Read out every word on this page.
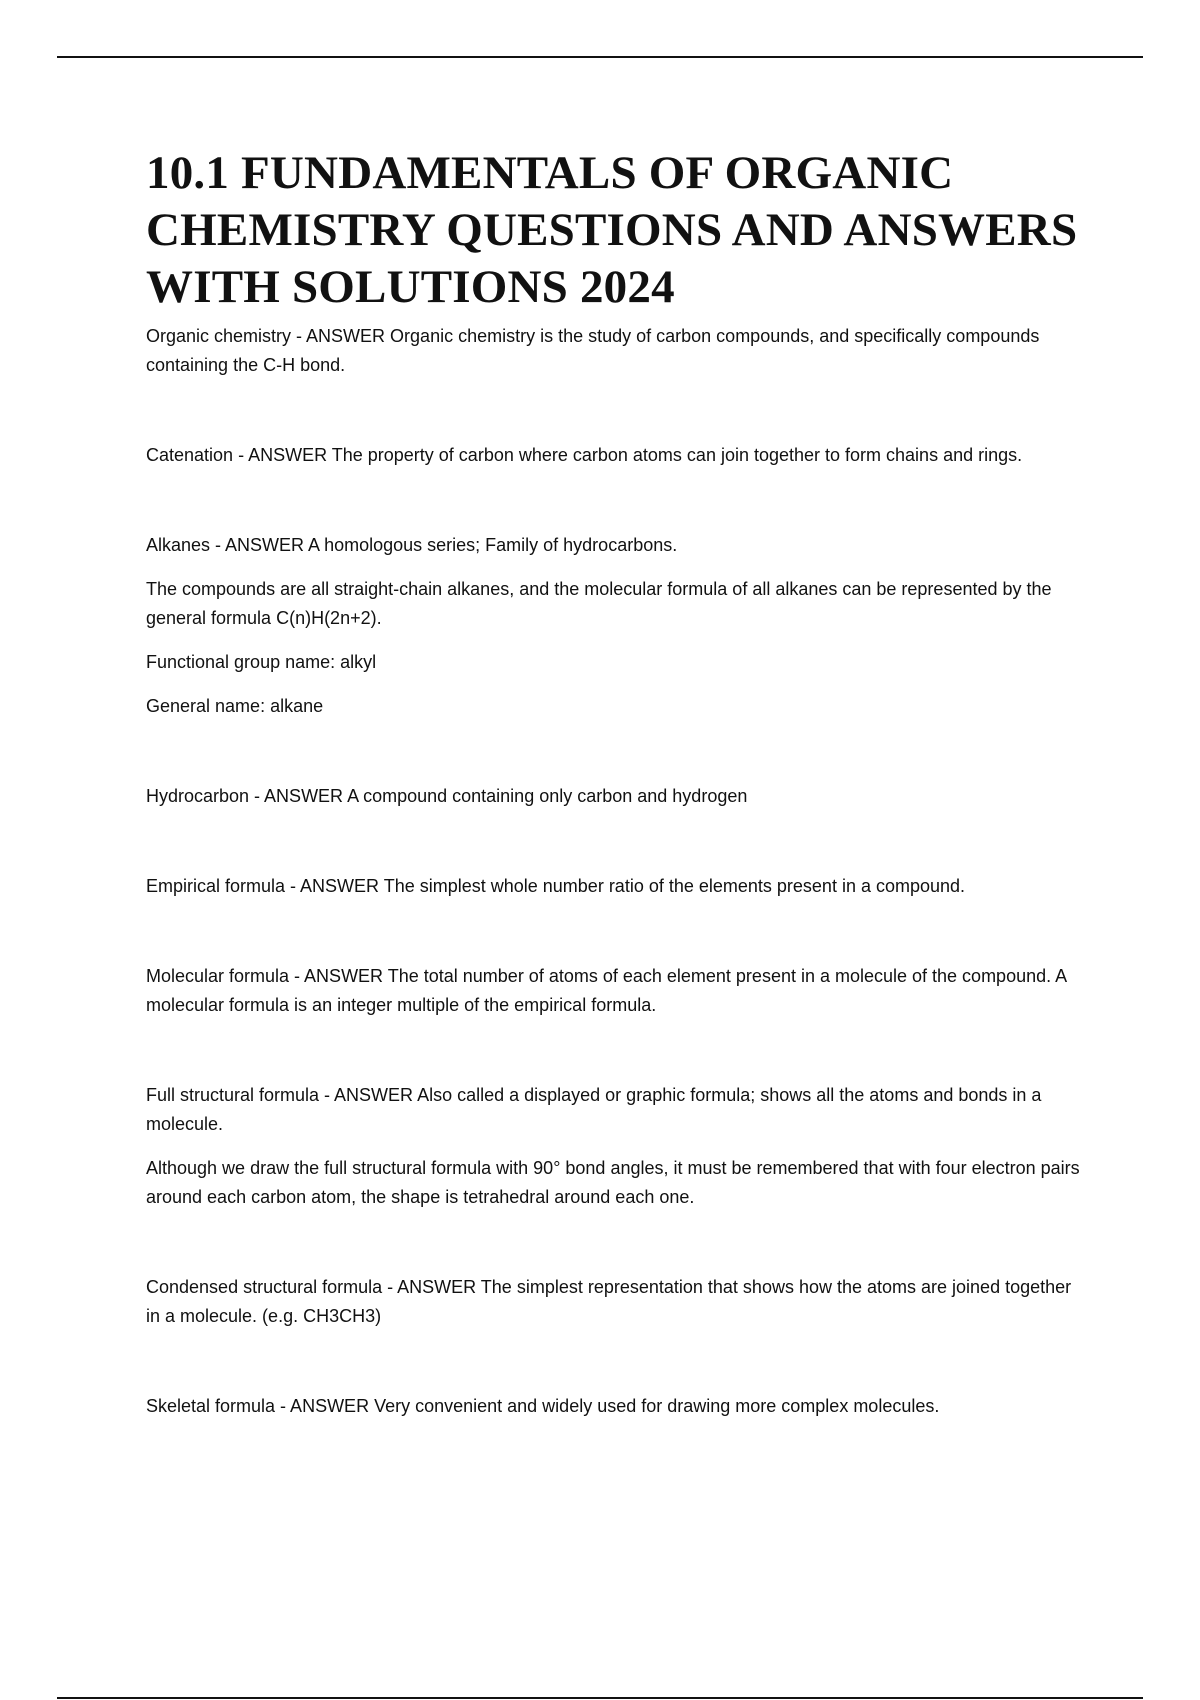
10.1 FUNDAMENTALS OF ORGANIC CHEMISTRY QUESTIONS AND ANSWERS WITH SOLUTIONS 2024

Organic chemistry - ANSWER Organic chemistry is the study of carbon compounds, and specifically compounds containing the C-H bond.

Catenation - ANSWER The property of carbon where carbon atoms can join together to form chains and rings.

Alkanes - ANSWER A homologous series; Family of hydrocarbons.

The compounds are all straight-chain alkanes, and the molecular formula of all alkanes can be represented by the general formula C(n)H(2n+2).

Functional group name: alkyl

General name: alkane

Hydrocarbon - ANSWER A compound containing only carbon and hydrogen

Empirical formula - ANSWER The simplest whole number ratio of the elements present in a compound.

Molecular formula - ANSWER The total number of atoms of each element present in a molecule of the compound. A molecular formula is an integer multiple of the empirical formula.

Full structural formula - ANSWER Also called a displayed or graphic formula; shows all the atoms and bonds in a molecule.

Although we draw the full structural formula with 90° bond angles, it must be remembered that with four electron pairs around each carbon atom, the shape is tetrahedral around each one.

Condensed structural formula - ANSWER The simplest representation that shows how the atoms are joined together in a molecule. (e.g. CH3CH3)

Skeletal formula - ANSWER Very convenient and widely used for drawing more complex molecules.
